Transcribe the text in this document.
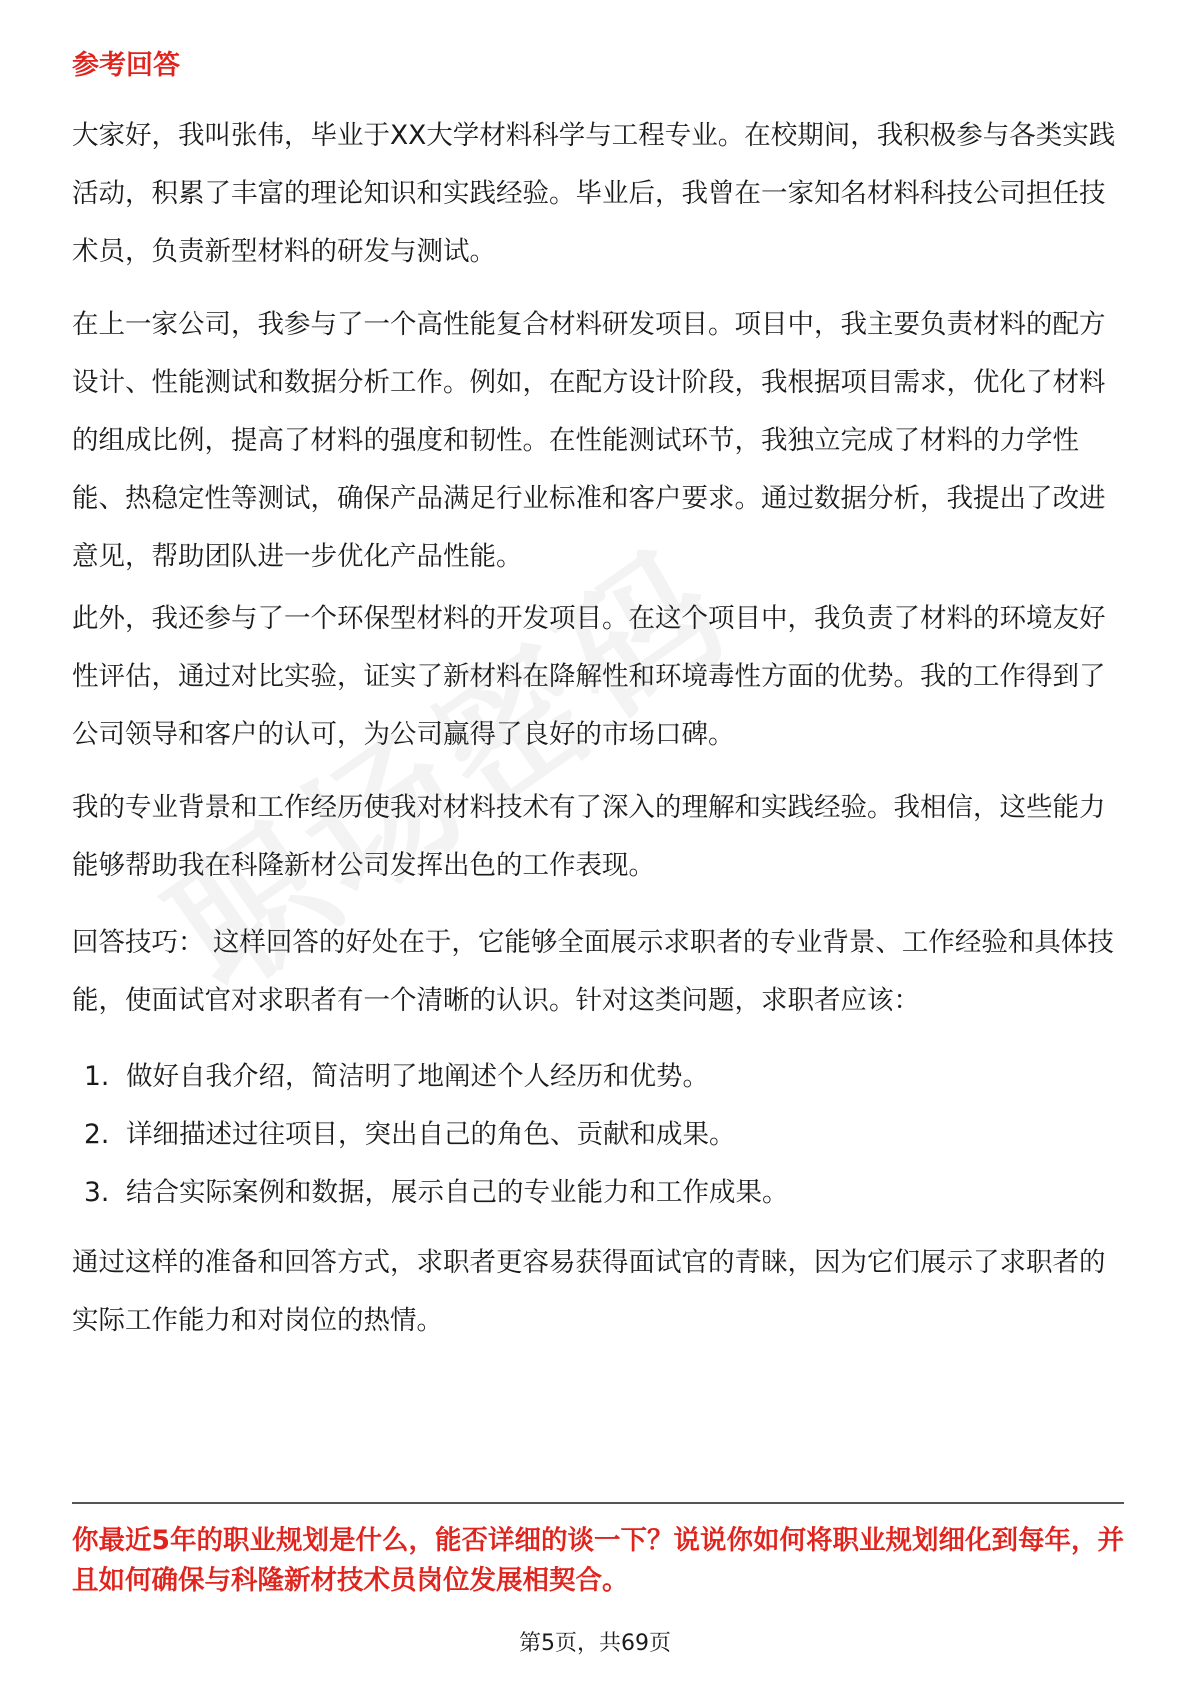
参考回答
大家好，我叫张伟，毕业于XX大学材料科学与工程专业。在校期间，我积极参与各类实践活动，积累了丰富的理论知识和实践经验。毕业后，我曾在一家知名材料科技公司担任技术员，负责新型材料的研发与测试。
在上一家公司，我参与了一个高性能复合材料研发项目。项目中，我主要负责材料的配方设计、性能测试和数据分析工作。例如，在配方设计阶段，我根据项目需求，优化了材料的组成比例，提高了材料的强度和韧性。在性能测试环节，我独立完成了材料的力学性能、热稳定性等测试，确保产品满足行业标准和客户要求。通过数据分析，我提出了改进意见，帮助团队进一步优化产品性能。
此外，我还参与了一个环保型材料的开发项目。在这个项目中，我负责了材料的环境友好性评估，通过对比实验，证实了新材料在降解性和环境毒性方面的优势。我的工作得到了公司领导和客户的认可，为公司赢得了良好的市场口碑。
我的专业背景和工作经历使我对材料技术有了深入的理解和实践经验。我相信，这些能力能够帮助我在科隆新材公司发挥出色的工作表现。
回答技巧： 这样回答的好处在于，它能够全面展示求职者的专业背景、工作经验和具体技能，使面试官对求职者有一个清晰的认识。针对这类问题，求职者应该：
1. 做好自我介绍，简洁明了地阐述个人经历和优势。
2. 详细描述过往项目，突出自己的角色、贡献和成果。
3. 结合实际案例和数据，展示自己的专业能力和工作成果。
通过这样的准备和回答方式，求职者更容易获得面试官的青睐，因为它们展示了求职者的实际工作能力和对岗位的热情。
你最近5年的职业规划是什么，能否详细的谈一下？说说你如何将职业规划细化到每年，并且如何确保与科隆新材技术员岗位发展相契合。
第5页，共69页
